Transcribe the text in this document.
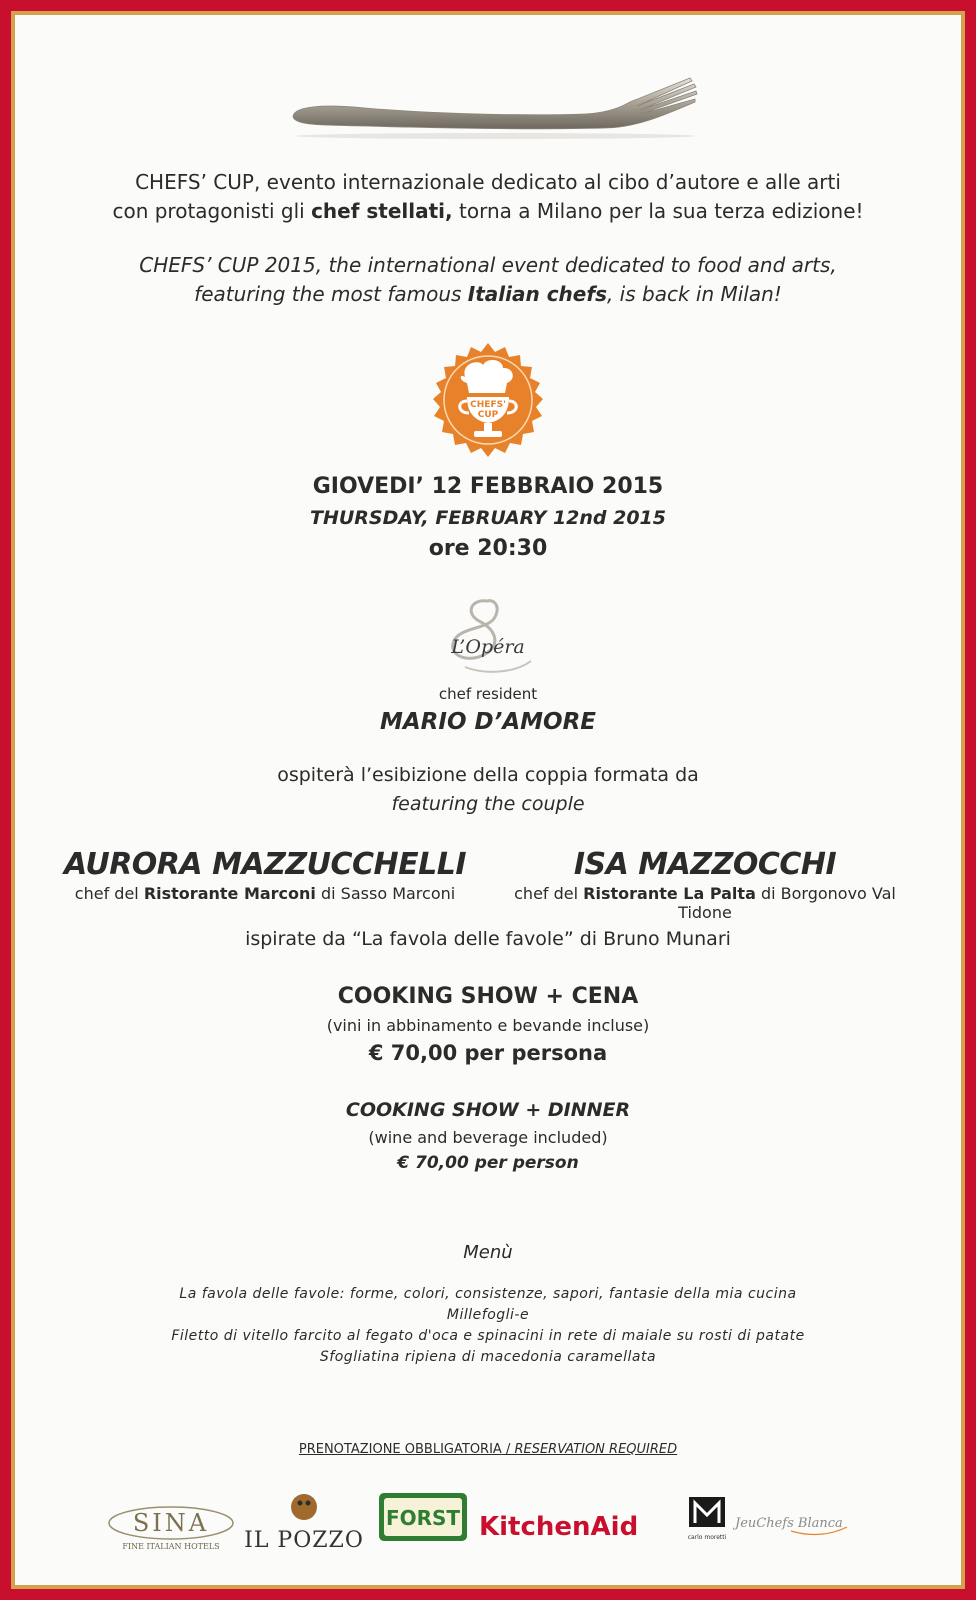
CHEFS’ CUP, evento internazionale dedicato al cibo d’autore e alle arti
con protagonisti gli chef stellati, torna a Milano per la sua terza edizione!
CHEFS’ CUP 2015, the international event dedicated to food and arts,
featuring the most famous Italian chefs, is back in Milan!
CHEFS'
CUP
GIOVEDI’ 12 FEBBRAIO 2015
THURSDAY, FEBRUARY 12nd 2015
ore 20:30
L’Opéra
chef resident
MARIO D’AMORE
ospiterà l’esibizione della coppia formata da
featuring the couple
AURORA MAZZUCCHELLI
chef del Ristorante Marconi di Sasso Marconi
ISA MAZZOCCHI
chef del Ristorante La Palta di Borgonovo Val Tidone
ispirate da “La favola delle favole” di Bruno Munari
COOKING SHOW + CENA
(vini in abbinamento e bevande incluse)
€ 70,00 per persona
COOKING SHOW + DINNER
(wine and beverage included)
€ 70,00 per person
Menù
La favola delle favole: forme, colori, consistenze, sapori, fantasie della mia cucina
Millefogli-e
Filetto di vitello farcito al fegato d'oca e spinacini in rete di maiale su rosti di patate
Sfogliatina ripiena di macedonia caramellata
PRENOTAZIONE OBBLIGATORIA / RESERVATION REQUIRED
SINA
FINE ITALIAN HOTELS IL POZZO
FORST KitchenAid	carlo moretti
JeuChefs Blanca
